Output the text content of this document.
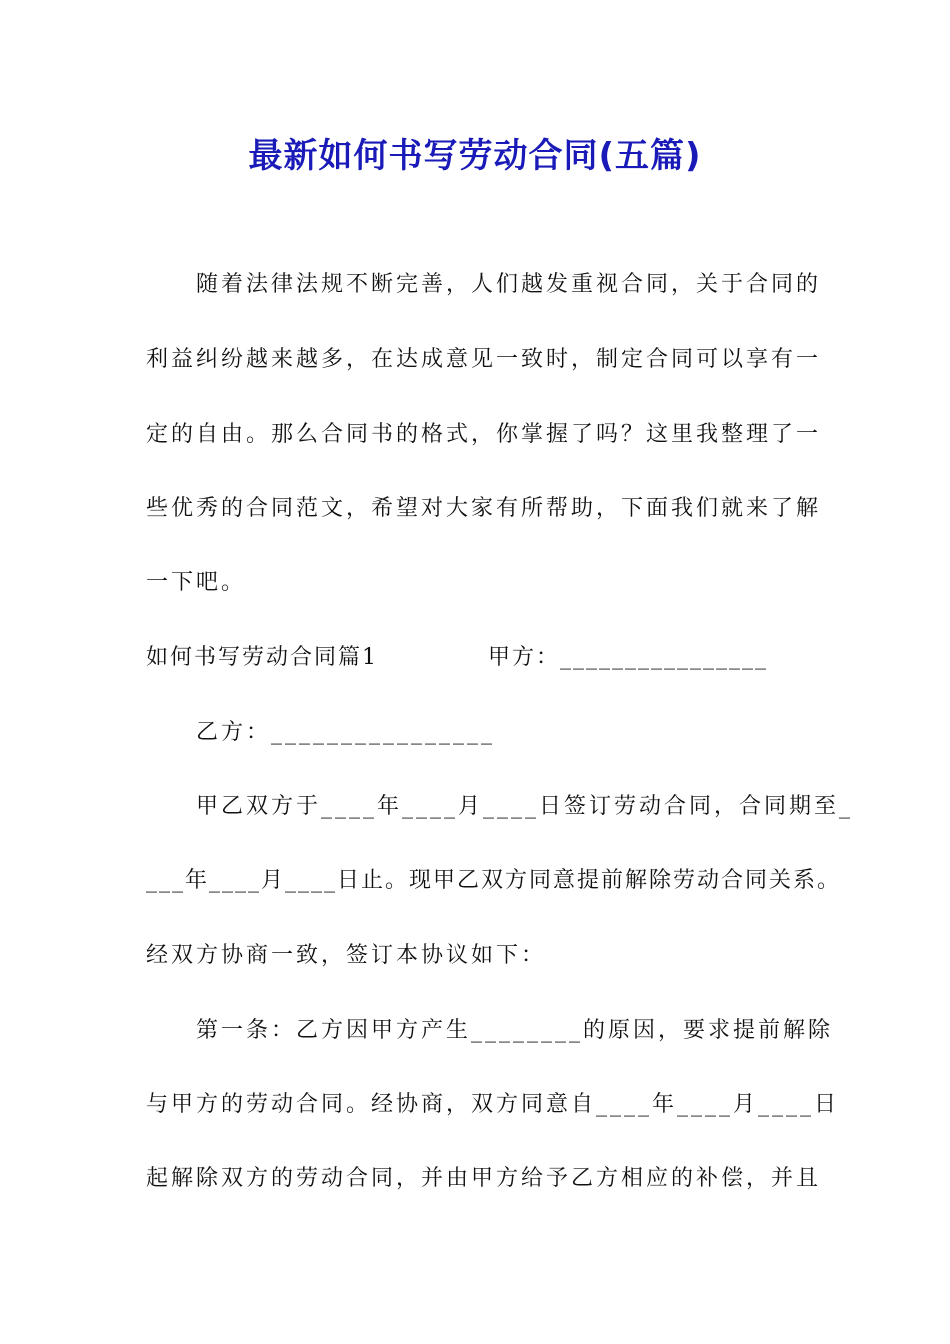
最新如何书写劳动合同(五篇)

随着法律法规不断完善，人们越发重视合同，关于合同的

利益纠纷越来越多，在达成意见一致时，制定合同可以享有一

定的自由。那么合同书的格式，你掌握了吗？这里我整理了一

些优秀的合同范文，希望对大家有所帮助，下面我们就来了解

一下吧。

如何书写劳动合同篇1	甲方：________________

乙方：________________

甲乙双方于____年____月____日签订劳动合同，合同期至_

___年____月____日止。现甲乙双方同意提前解除劳动合同关系。

经双方协商一致，签订本协议如下：

第一条：乙方因甲方产生________的原因，要求提前解除

与甲方的劳动合同。经协商，双方同意自____年____月____日

起解除双方的劳动合同，并由甲方给予乙方相应的补偿，并且
